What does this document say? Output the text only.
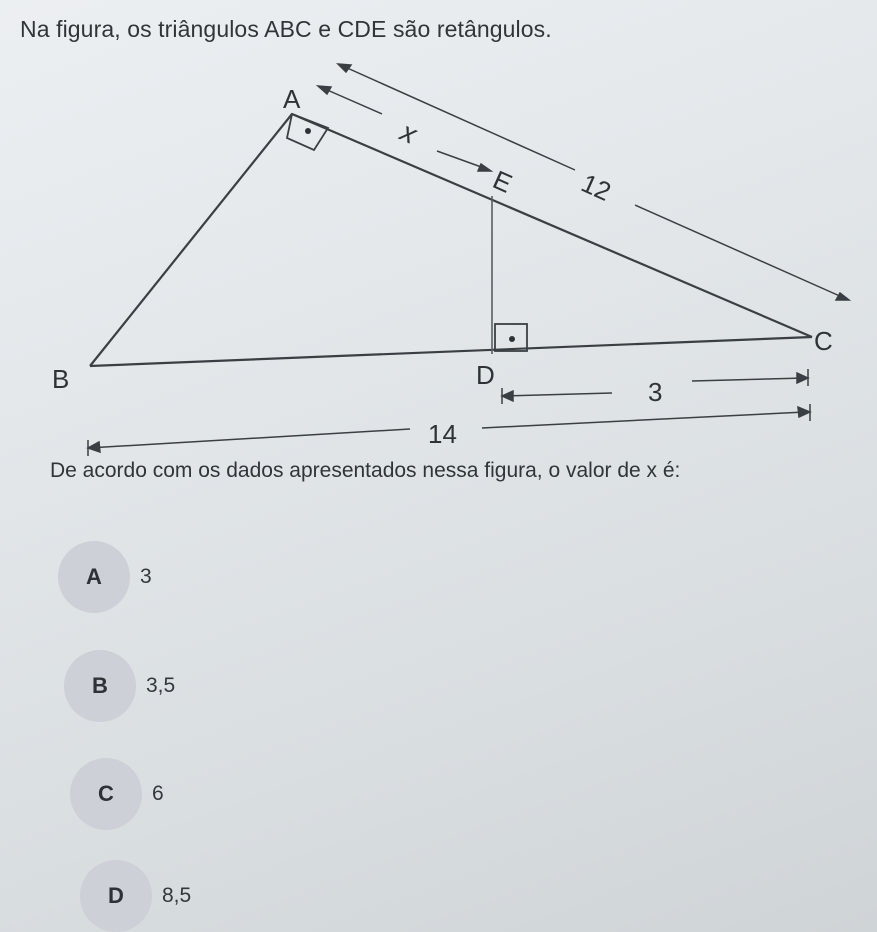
Na figura, os triângulos ABC e CDE são retângulos.
A
B
C
D
E
x
12
3
14
De acordo com os dados apresentados nessa figura, o valor de x é:
A	3
B	3,5
C	6
D	8,5
